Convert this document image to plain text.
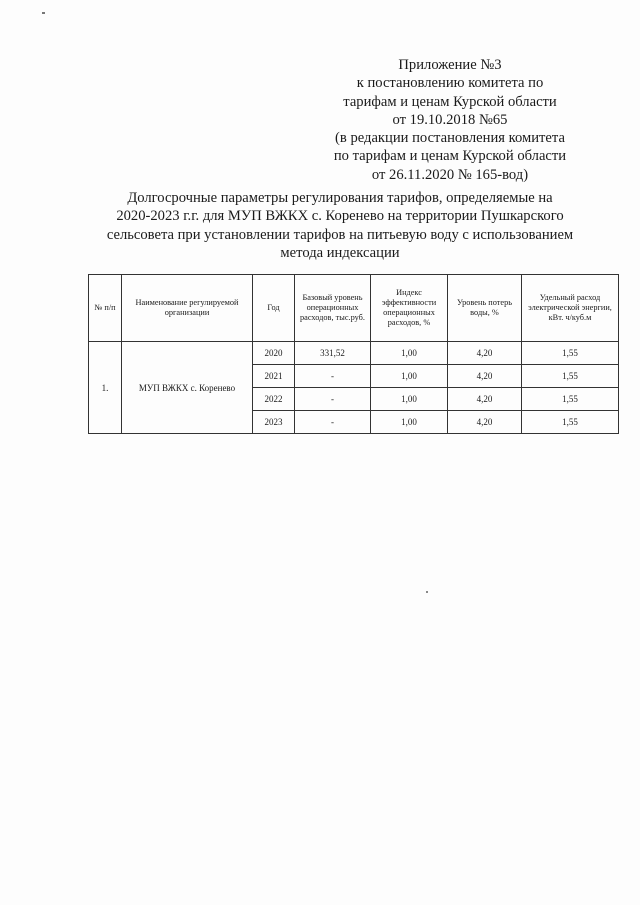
Приложение №3
к постановлению комитета по
тарифам и ценам Курской области
от 19.10.2018 №65
(в редакции постановления комитета
по тарифам и ценам Курской области
от 26.11.2020 № 165-вод)
Долгосрочные параметры регулирования тарифов, определяемые на
2020-2023 г.г. для МУП ВЖКХ с. Коренево на территории Пушкарского
сельсовета при установлении тарифов на питьевую воду с использованием
метода индексации
№ п/п	Наименование регулируемой организации	Год	Базовый уровень операционных расходов, тыс.руб.	Индекс эффективности операционных расходов, %	Уровень потерь воды, %	Удельный расход электрической энергии, кВт. ч/куб.м
1.	МУП ВЖКХ с. Коренево	2020	331,52	1,00	4,20	1,55
		2021	-	1,00	4,20	1,55
		2022	-	1,00	4,20	1,55
		2023	-	1,00	4,20	1,55
